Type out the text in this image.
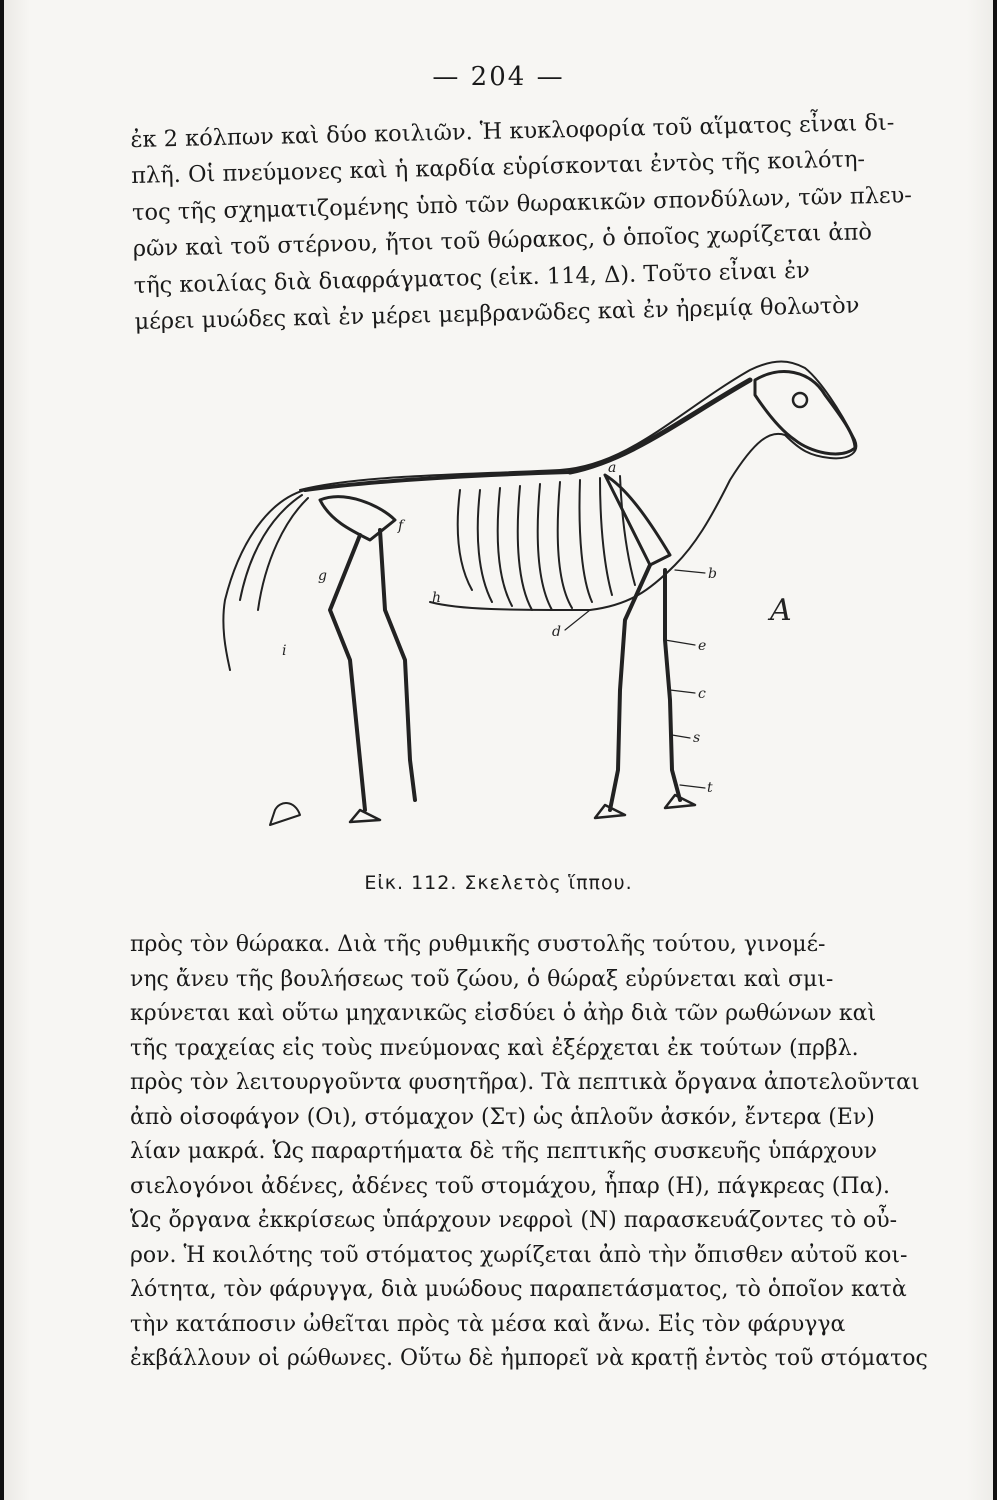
— 204 —
ἐκ 2 κόλπων καὶ δύο κοιλιῶν. Ἡ κυκλοφορία τοῦ αἵματος εἶναι δι-
πλῆ. Οἱ πνεύμονες καὶ ἡ καρδία εὑρίσκονται ἐντὸς τῆς κοιλότη-
τος τῆς σχηματιζομένης ὑπὸ τῶν θωρακικῶν σπονδύλων, τῶν πλευ-
ρῶν καὶ τοῦ στέρνου, ἤτοι τοῦ θώρακος, ὁ ὁποῖος χωρίζεται ἀπὸ
τῆς κοιλίας διὰ διαφράγματος (εἰκ. 114, Δ). Τοῦτο εἶναι ἐν
μέρει μυώδες καὶ ἐν μέρει μεμβρανῶδες καὶ ἐν ἠρεμίᾳ θολωτὸν
b
e
c
s
t
d
f
g
h
i
a
A
Εἰκ. 112. Σκελετὸς ἵππου.
πρὸς τὸν θώρακα. Διὰ τῆς ρυθμικῆς συστολῆς τούτου, γινομέ-
νης ἄνευ τῆς βουλήσεως τοῦ ζώου, ὁ θώραξ εὐρύνεται καὶ σμι-
κρύνεται καὶ οὕτω μηχανικῶς εἰσδύει ὁ ἀὴρ διὰ τῶν ρωθώνων καὶ
τῆς τραχείας εἰς τοὺς πνεύμονας καὶ ἐξέρχεται ἐκ τούτων (πρβλ.
πρὸς τὸν λειτουργοῦντα φυσητῆρα). Τὰ πεπτικὰ ὄργανα ἀποτελοῦνται
ἀπὸ οἰσοφάγον (Οι), στόμαχον (Στ) ὡς ἁπλοῦν ἀσκόν, ἔντερα (Εν)
λίαν μακρά. Ὡς παραρτήματα δὲ τῆς πεπτικῆς συσκευῆς ὑπάρχουν
σιελογόνοι ἀδένες, ἀδένες τοῦ στομάχου, ἧπαρ (Η), πάγκρεας (Πα).
Ὡς ὄργανα ἐκκρίσεως ὑπάρχουν νεφροὶ (Ν) παρασκευάζοντες τὸ οὖ-
ρον. Ἡ κοιλότης τοῦ στόματος χωρίζεται ἀπὸ τὴν ὄπισθεν αὐτοῦ κοι-
λότητα, τὸν φάρυγγα, διὰ μυώδους παραπετάσματος, τὸ ὁποῖον κατὰ
τὴν κατάποσιν ὠθεῖται πρὸς τὰ μέσα καὶ ἄνω. Εἰς τὸν φάρυγγα
ἐκβάλλουν οἱ ρώθωνες. Οὕτω δὲ ἠμπορεῖ νὰ κρατῇ ἐντὸς τοῦ στόματος
